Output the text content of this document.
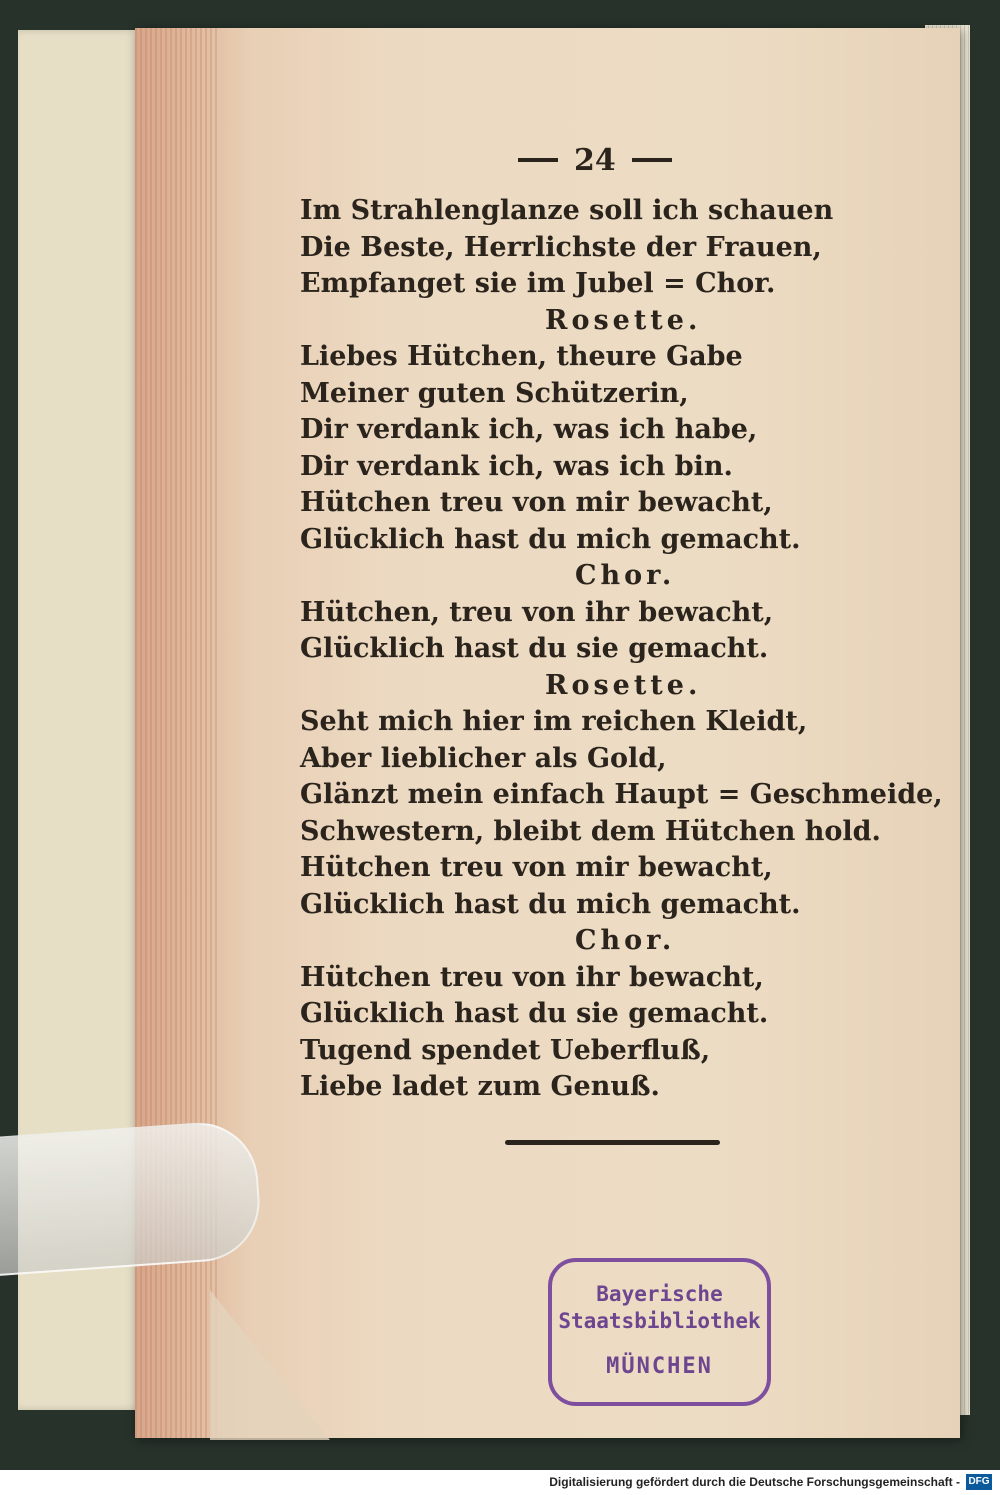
24
Im Strahlenglanze soll ich schauen
Die Beste, Herrlichste der Frauen,
Empfanget sie im Jubel = Chor.
Rosette.
Liebes Hütchen, theure Gabe
Meiner guten Schützerin,
Dir verdank ich, was ich habe,
Dir verdank ich, was ich bin.
Hütchen treu von mir bewacht,
Glücklich hast du mich gemacht.
Chor.
Hütchen, treu von ihr bewacht,
Glücklich hast du sie gemacht.
Rosette.
Seht mich hier im reichen Kleidt,
Aber lieblicher als Gold,
Glänzt mein einfach Haupt = Geschmeide,
Schwestern, bleibt dem Hütchen hold.
Hütchen treu von mir bewacht,
Glücklich hast du mich gemacht.
Chor.
Hütchen treu von ihr bewacht,
Glücklich hast du sie gemacht.
Tugend spendet Ueberfluß,
Liebe ladet zum Genuß.
Bayerische
Staatsbibliothek
MÜNCHEN
Digitalisierung gefördert durch die Deutsche Forschungsgemeinschaft - DFG
